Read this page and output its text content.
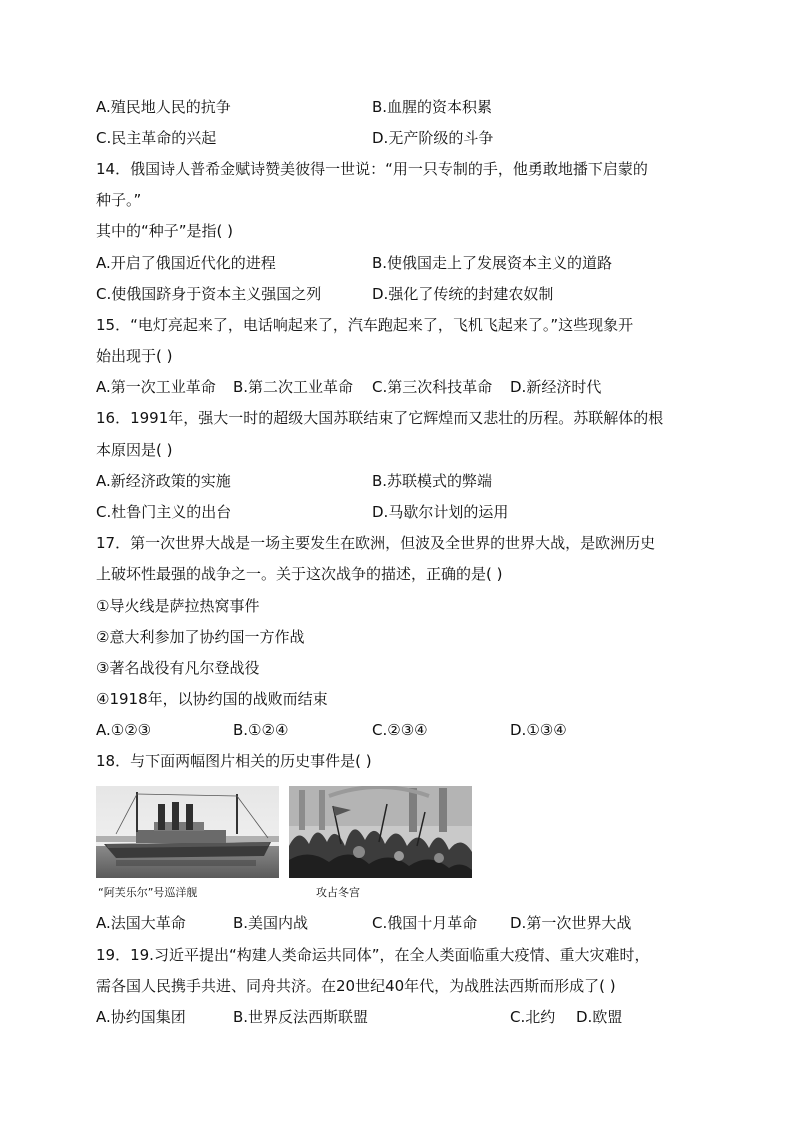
A.殖民地人民的抗争	B.血腥的资本积累
C.民主革命的兴起	D.无产阶级的斗争
14．俄国诗人普希金赋诗赞美彼得一世说：“用一只专制的手，他勇敢地播下启蒙的
种子。”
其中的“种子”是指( )
A.开启了俄国近代化的进程	B.使俄国走上了发展资本主义的道路
C.使俄国跻身于资本主义强国之列	D.强化了传统的封建农奴制
15．“电灯亮起来了，电话响起来了，汽车跑起来了，飞机飞起来了。”这些现象开
始出现于( )
A.第一次工业革命 B.第二次工业革命 C.第三次科技革命 D.新经济时代
16．1991年，强大一时的超级大国苏联结束了它辉煌而又悲壮的历程。苏联解体的根
本原因是( )
A.新经济政策的实施	B.苏联模式的弊端
C.杜鲁门主义的出台	D.马歇尔计划的运用
17．第一次世界大战是一场主要发生在欧洲，但波及全世界的世界大战，是欧洲历史
上破坏性最强的战争之一。关于这次战争的描述，正确的是( )
①导火线是萨拉热窝事件
②意大利参加了协约国一方作战
③著名战役有凡尔登战役
④1918年，以协约国的战败而结束
A.①②③	B.①②④	C.②③④	D.①③④
18．与下面两幅图片相关的历史事件是( )
“阿芙乐尔”号巡洋舰	攻占冬宫
A.法国大革命	B.美国内战	C.俄国十月革命 D.第一次世界大战
19．19.习近平提出“构建人类命运共同体”，在全人类面临重大疫情、重大灾难时，
需各国人民携手共进、同舟共济。在20世纪40年代，为战胜法西斯而形成了( )
A.协约国集团	B.世界反法西斯联盟	C.北约 D.欧盟
